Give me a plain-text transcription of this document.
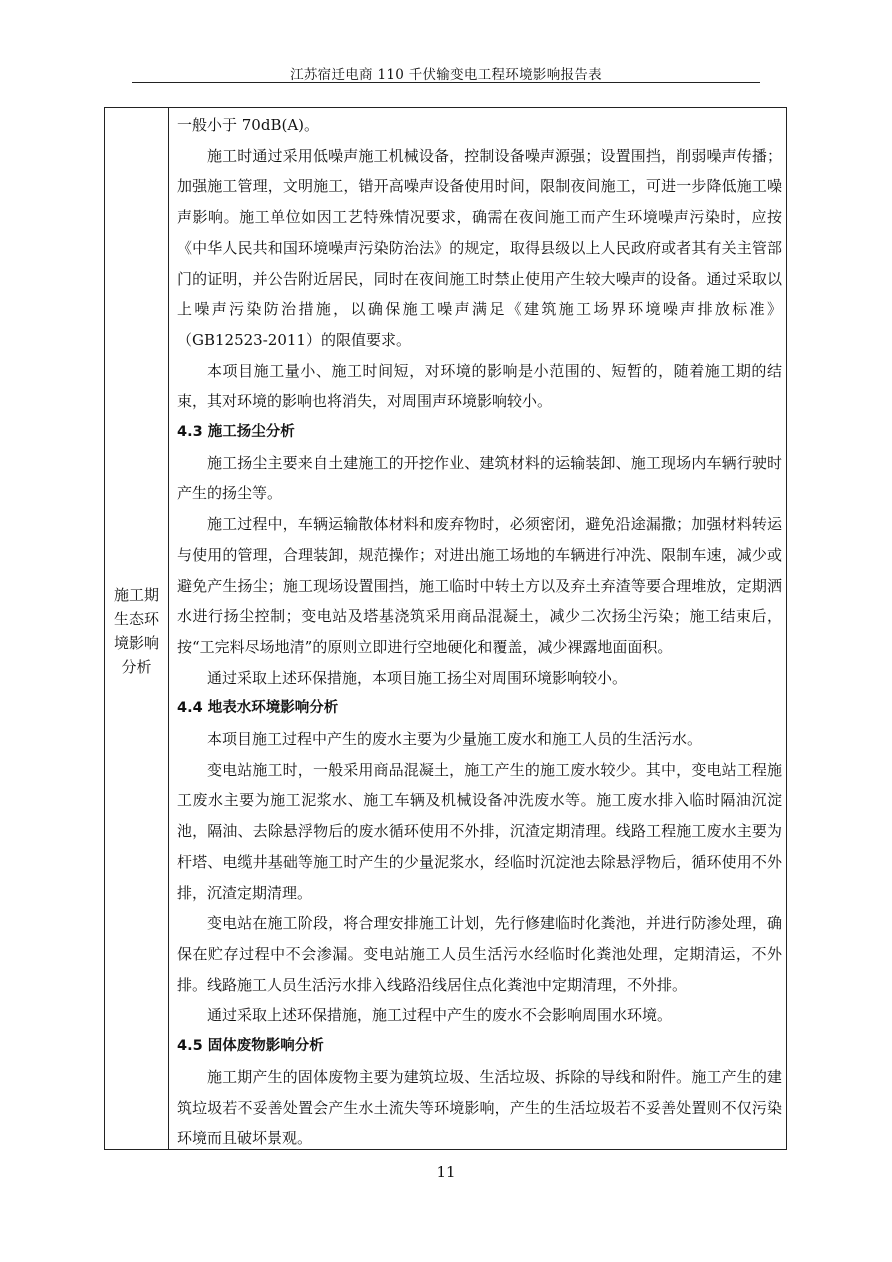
江苏宿迁电商 110 千伏输变电工程环境影响报告表
施工期生态环境影响分析

一般小于 70dB(A)。

施工时通过采用低噪声施工机械设备，控制设备噪声源强；设置围挡，削弱噪声传播；加强施工管理，文明施工，错开高噪声设备使用时间，限制夜间施工，可进一步降低施工噪声影响。施工单位如因工艺特殊情况要求，确需在夜间施工而产生环境噪声污染时，应按《中华人民共和国环境噪声污染防治法》的规定，取得县级以上人民政府或者其有关主管部门的证明，并公告附近居民，同时在夜间施工时禁止使用产生较大噪声的设备。通过采取以上噪声污染防治措施，以确保施工噪声满足《建筑施工场界环境噪声排放标准》（GB12523-2011）的限值要求。

本项目施工量小、施工时间短，对环境的影响是小范围的、短暂的，随着施工期的结束，其对环境的影响也将消失，对周围声环境影响较小。

4.3 施工扬尘分析

施工扬尘主要来自土建施工的开挖作业、建筑材料的运输装卸、施工现场内车辆行驶时产生的扬尘等。

施工过程中，车辆运输散体材料和废弃物时，必须密闭，避免沿途漏撒；加强材料转运与使用的管理，合理装卸，规范操作；对进出施工场地的车辆进行冲洗、限制车速，减少或避免产生扬尘；施工现场设置围挡，施工临时中转土方以及弃土弃渣等要合理堆放，定期洒水进行扬尘控制；变电站及塔基浇筑采用商品混凝土，减少二次扬尘污染；施工结束后，按“工完料尽场地清”的原则立即进行空地硬化和覆盖，减少裸露地面面积。

通过采取上述环保措施，本项目施工扬尘对周围环境影响较小。

4.4 地表水环境影响分析

本项目施工过程中产生的废水主要为少量施工废水和施工人员的生活污水。

变电站施工时，一般采用商品混凝土，施工产生的施工废水较少。其中，变电站工程施工废水主要为施工泥浆水、施工车辆及机械设备冲洗废水等。施工废水排入临时隔油沉淀池，隔油、去除悬浮物后的废水循环使用不外排，沉渣定期清理。线路工程施工废水主要为杆塔、电缆井基础等施工时产生的少量泥浆水，经临时沉淀池去除悬浮物后，循环使用不外排，沉渣定期清理。

变电站在施工阶段，将合理安排施工计划，先行修建临时化粪池，并进行防渗处理，确保在贮存过程中不会渗漏。变电站施工人员生活污水经临时化粪池处理，定期清运，不外排。线路施工人员生活污水排入线路沿线居住点化粪池中定期清理，不外排。

通过采取上述环保措施，施工过程中产生的废水不会影响周围水环境。

4.5 固体废物影响分析

施工期产生的固体废物主要为建筑垃圾、生活垃圾、拆除的导线和附件。施工产生的建筑垃圾若不妥善处置会产生水土流失等环境影响，产生的生活垃圾若不妥善处置则不仅污染环境而且破坏景观。

11
